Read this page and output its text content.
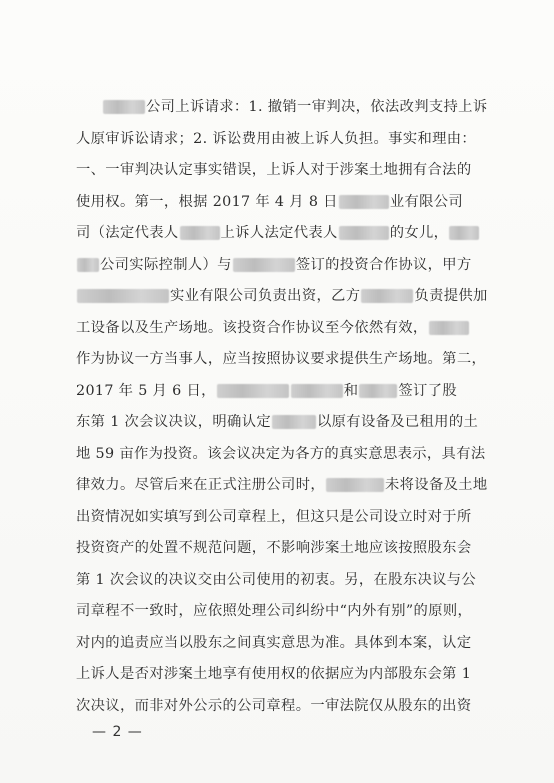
公司上诉请求：1. 撤销一审判决，依法改判支持上诉
人原审诉讼请求；2. 诉讼费用由被上诉人负担。事实和理由：
一、一审判决认定事实错误，上诉人对于涉案土地拥有合法的
使用权。第一，根据 2017 年 4 月 8 日	业有限公司
司（法定代表人	上诉人法定代表人	的女儿，
公司实际控制人）与	签订的投资合作协议，甲方
实业有限公司负责出资，乙方	负责提供加
工设备以及生产场地。该投资合作协议至今依然有效，
作为协议一方当事人，应当按照协议要求提供生产场地。第二，
2017 年 5 月 6 日，	和	签订了股
东第 1 次会议决议，明确认定	以原有设备及已租用的土
地 59 亩作为投资。该会议决定为各方的真实意思表示，具有法
律效力。尽管后来在正式注册公司时，	未将设备及土地
出资情况如实填写到公司章程上，但这只是公司设立时对于所
投资资产的处置不规范问题，不影响涉案土地应该按照股东会
第 1 次会议的决议交由公司使用的初衷。另，在股东决议与公
司章程不一致时，应依照处理公司纠纷中“内外有别”的原则，
对内的追责应当以股东之间真实意思为准。具体到本案，认定
上诉人是否对涉案土地享有使用权的依据应为内部股东会第 1
次决议，而非对外公示的公司章程。一审法院仅从股东的出资
— 2 —
